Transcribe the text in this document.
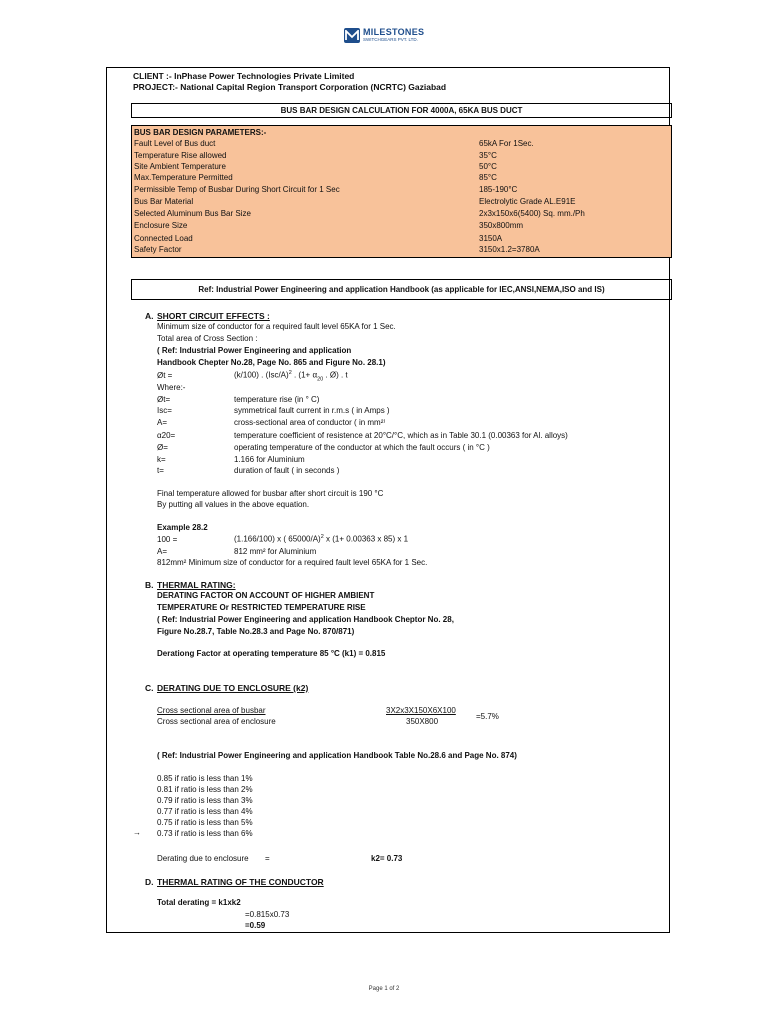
MILESTONES
SWITCHGEARS PVT. LTD.
CLIENT :- InPhase Power Technologies Private Limited
PROJECT:- National Capital Region Transport Corporation (NCRTC) Gaziabad
BUS BAR DESIGN CALCULATION FOR 4000A, 65KA BUS DUCT
BUS BAR DESIGN PARAMETERS:-
Fault Level of Bus duct	65kA For 1Sec.
Temperature Rise allowed	35°C
Site Ambient Temperature	50°C
Max.Temperature Permitted	85°C
Permissible Temp of Busbar During Short Circuit for 1 Sec	185-190°C
Bus Bar Material	Electrolytic Grade AL.E91E
Selected Aluminum Bus Bar Size	2x3x150x6(5400) Sq. mm./Ph
Enclosure Size	350x800mm
Connected Load	3150A
Safety Factor	3150x1.2=3780A
Ref: Industrial Power Engineering and application Handbook (as applicable for IEC,ANSI,NEMA,ISO and IS)
A. SHORT CIRCUIT EFFECTS :
Minimum size of conductor for a required fault level 65KA for 1 Sec.
Total area of Cross Section :
( Ref: Industrial Power Engineering and application
Handbook Chepter No.28, Page No. 865 and Figure No. 28.1)
Øt =	(k/100) . $(Isc/A)^2$ . ($1+ \alpha_{20}$ . Ø) . t
Where:-
Øt=	temperature rise (in ° C)
Isc=	symmetrical fault current in r.m.s ( in Amps )
A=	cross-sectional area of conductor ( in mm²⁾
α20=	temperature coefficient of resistence at 20°C/°C, which as in Table 30.1 (0.00363 for Al. alloys)
Ø=	operating temperature of the conductor at which the fault occurs ( in °C )
k=	1.166 for Aluminium
t=	duration of fault ( in seconds )
Final temperature allowed for busbar after short circuit is 190 °C
By putting all values in the above equation.
Example 28.2
100 =	(1.166/100) x ( 65000/A)$^2$ x (1+ 0.00363 x 85) x 1
A=	812 mm² for Aluminium
812mm² Minimum size of conductor for a required fault level 65KA for 1 Sec.
B. THERMAL RATING:
DERATING FACTOR ON ACCOUNT OF HIGHER AMBIENT
TEMPERATURE Or RESTRICTED TEMPERATURE RISE
( Ref: Industrial Power Engineering and application Handbook Cheptor No. 28,
Figure No.28.7, Table No.28.3 and Page No. 870/871)
Derationg Factor at operating temperature 85 °C (k1) = 0.815
C. DERATING DUE TO ENCLOSURE (k2)
Cross sectional area of busbar
Cross sectional area of enclosure
3X2x3X150X6X100
350X800
=5.7%
( Ref: Industrial Power Engineering and application Handbook Table No.28.6 and Page No. 874)
0.85 if ratio is less than 1%
0.81 if ratio is less than 2%
0.79 if ratio is less than 3%
0.77 if ratio is less than 4%
0.75 if ratio is less than 5%
→ 0.73 if ratio is less than 6%
Derating due to enclosure =	k2= 0.73
D. THERMAL RATING OF THE CONDUCTOR
Total derating = k1xk2
=0.815x0.73
=0.59
Page 1 of 2
